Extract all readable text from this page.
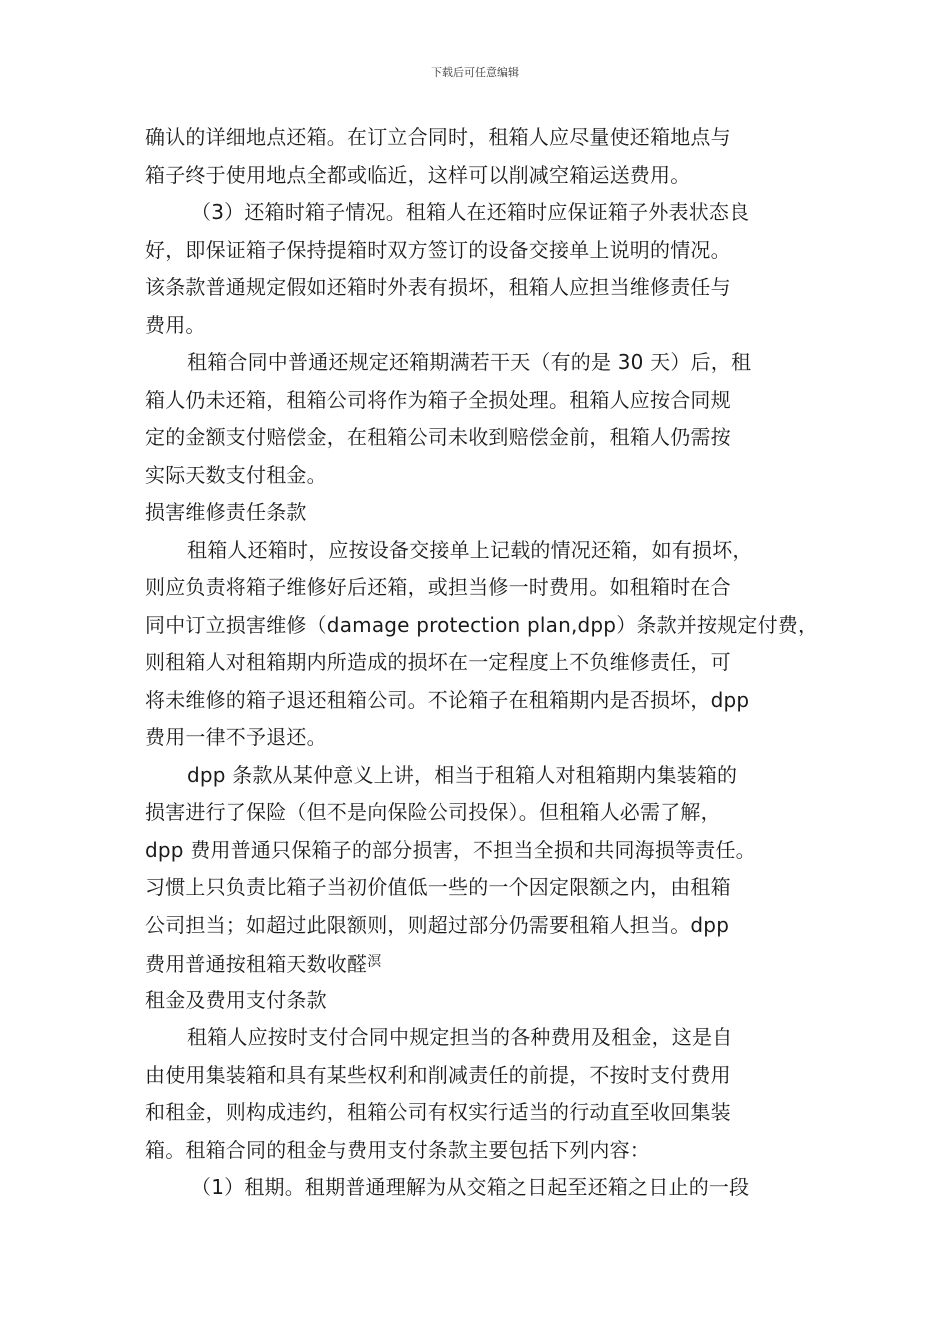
下载后可任意编辑
确认的详细地点还箱。在订立合同时，租箱人应尽量使还箱地点与
箱子终于使用地点全都或临近，这样可以削减空箱运送费用。
（3）还箱时箱子情况。租箱人在还箱时应保证箱子外表状态良
好，即保证箱子保持提箱时双方签订的设备交接单上说明的情况。
该条款普通规定假如还箱时外表有损坏，租箱人应担当维修责任与
费用。
租箱合同中普通还规定还箱期满若干天（有的是 30 天）后，租
箱人仍未还箱，租箱公司将作为箱子全损处理。租箱人应按合同规
定的金额支付赔偿金，在租箱公司未收到赔偿金前，租箱人仍需按
实际天数支付租金。
损害维修责任条款
租箱人还箱时，应按设备交接单上记载的情况还箱，如有损坏，
则应负责将箱子维修好后还箱，或担当修一时费用。如租箱时在合
同中订立损害维修（damage protection plan,dpp）条款并按规定付费，
则租箱人对租箱期内所造成的损坏在一定程度上不负维修责任，可
将未维修的箱子退还租箱公司。不论箱子在租箱期内是否损坏，dpp
费用一律不予退还。
dpp 条款从某仲意义上讲，相当于租箱人对租箱期内集装箱的
损害进行了保险（但不是向保险公司投保）。但租箱人必需了解，
dpp 费用普通只保箱子的部分损害，不担当全损和共同海损等责任。
习惯上只负责比箱子当初价值低一些的一个因定限额之内，由租箱
公司担当；如超过此限额则，则超过部分仍需要租箱人担当。dpp
费用普通按租箱天数收醛$^溟$
租金及费用支付条款
租箱人应按时支付合同中规定担当的各种费用及租金，这是自
由使用集装箱和具有某些权利和削减责任的前提，不按时支付费用
和租金，则构成违约，租箱公司有权实行适当的行动直至收回集装
箱。租箱合同的租金与费用支付条款主要包括下列内容：
（1）租期。租期普通理解为从交箱之日起至还箱之日止的一段
